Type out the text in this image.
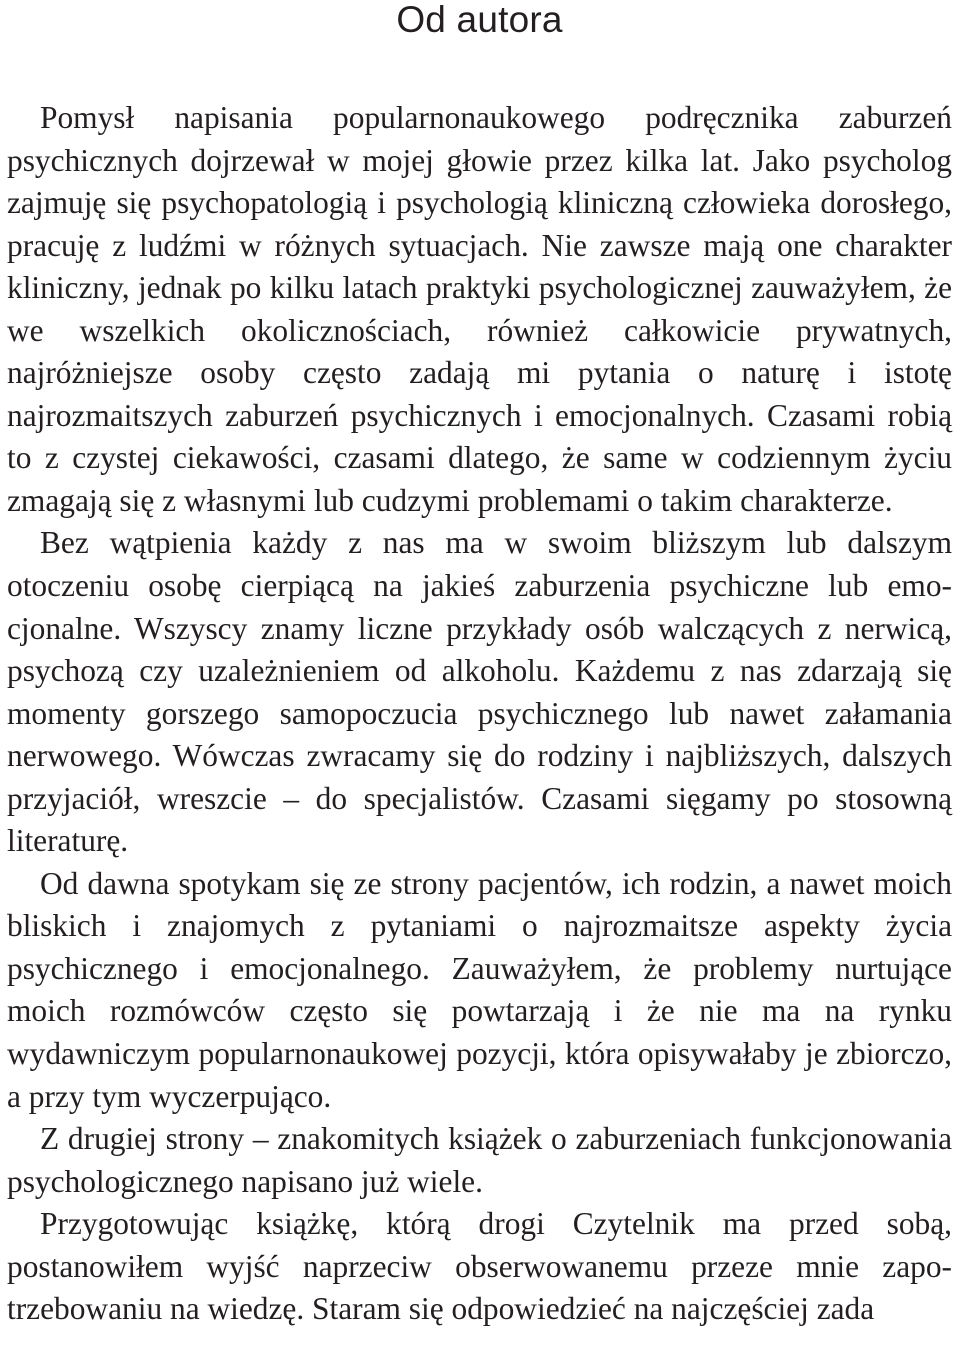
Od autora

Pomysł napisania popularnonaukowego podręcznika zaburzeń psychicznych dojrzewał w mojej głowie przez kilka lat. Jako psycholog zajmuję się psychopatologią i psychologią kliniczną człowieka dorosłego, pracuję z ludźmi w różnych sytuacjach. Nie zawsze mają one charakter kliniczny, jednak po kilku latach praktyki psychologicznej zauważyłem, że we wszelkich okolicznościach, również całkowicie prywatnych, najróżniejsze osoby często zadają mi pytania o naturę i istotę najrozmaitszych zaburzeń psychicznych i emocjonalnych. Czasami robią to z czystej ciekawości, czasami dlatego, że same w codziennym życiu zmagają się z własnymi lub cudzymi problemami o takim charakterze.

Bez wątpienia każdy z nas ma w swoim bliższym lub dalszym otoczeniu osobę cierpiącą na jakieś zaburzenia psychiczne lub emocjonalne. Wszyscy znamy liczne przykłady osób walczących z nerwicą, psychozą czy uzależnieniem od alkoholu. Każdemu z nas zdarzają się momenty gorszego samopoczucia psychicznego lub nawet załamania nerwowego. Wówczas zwracamy się do rodziny i najbliższych, dalszych przyjaciół, wreszcie – do specjalistów. Czasami sięgamy po stosowną literaturę.

Od dawna spotykam się ze strony pacjentów, ich rodzin, a nawet moich bliskich i znajomych z pytaniami o najrozmaitsze aspekty życia psychicznego i emocjonalnego. Zauważyłem, że problemy nurtujące moich rozmówców często się powtarzają i że nie ma na rynku wydawniczym popularnonaukowej pozycji, która opisywałaby je zbiorczo, a przy tym wyczerpująco.

Z drugiej strony – znakomitych książek o zaburzeniach funkcjonowania psychologicznego napisano już wiele.

Przygotowując książkę, którą drogi Czytelnik ma przed sobą, postanowiłem wyjść naprzeciw obserwowanemu przeze mnie zapotrzebowaniu na wiedzę. Staram się odpowiedzieć na najczęściej zada
